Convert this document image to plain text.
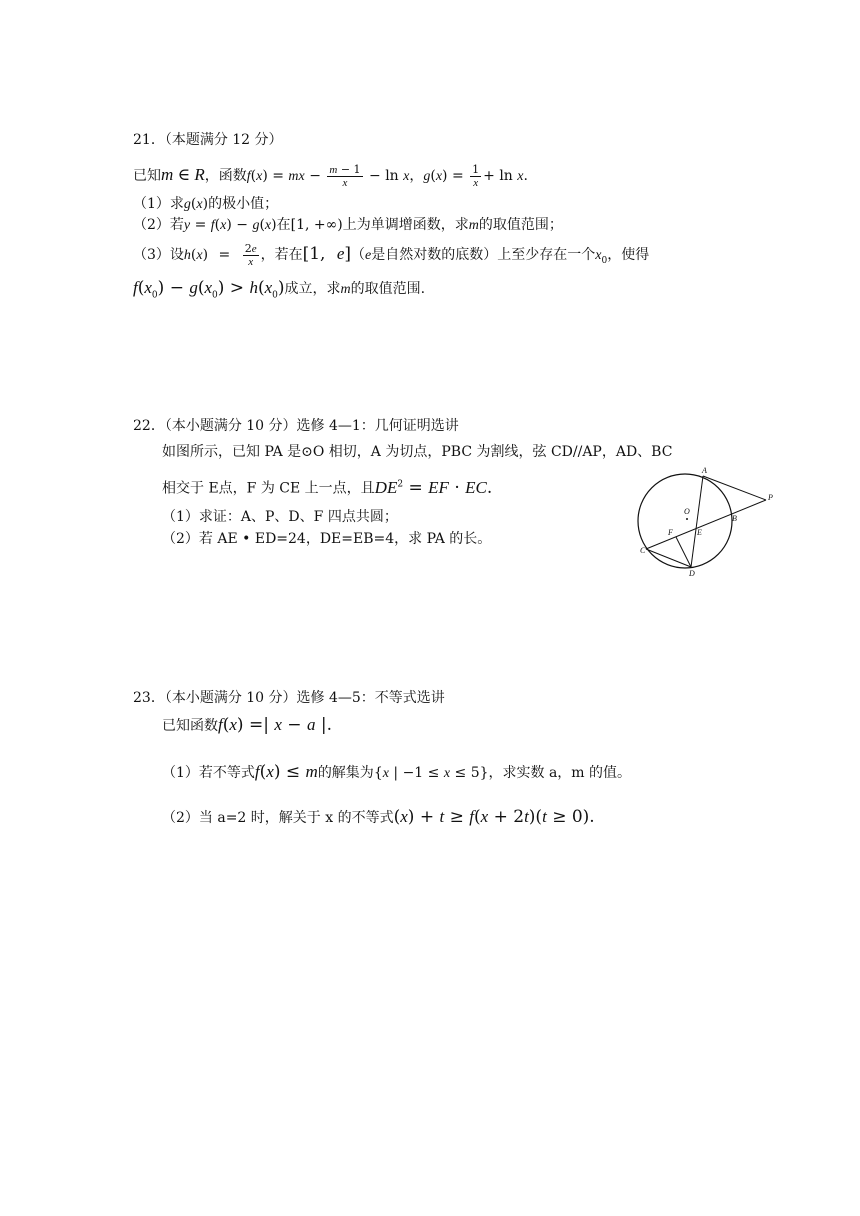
21．（本题满分 12 分）
已知m ∈ R，函数f(x) = mx − $\frac{m - 1}{x} - \ln x$，$g(x) = \frac{1}{x} + \ln x$.
（1）求g(x)的极小值；
（2）若y = f(x) − g(x)在[1, +∞)上为单调增函数，求m的取值范围；
（3）设$h(x) = \frac{2e}{x}$ ，若在[1, e]（e是自然对数的底数）上至少存在一个$x_0$，使得
$f(x_0) - g(x_0) > h(x_0)$成立，求m的取值范围.
22．（本小题满分 10 分）选修 4—1：几何证明选讲
如图所示，已知 PA 是⊙O 相切，A 为切点，PBC 为割线，弦 CD//AP，AD、BC
相交于 E点，F 为 CE 上一点，且$DE^2$ = EF · EC.
（1）求证：A、P、D、F 四点共圆；
（2）若 AE • ED=24，DE=EB=4，求 PA 的长。
A
P
O
B
F	E
C
D
23．（本小题满分 10 分）选修 4—5：不等式选讲
已知函数f(x) =| x − a |.
（1）若不等式f(x) ≤ m的解集为{x | −1 ≤ x ≤ 5}，求实数 a，m 的值。
（2）当 a=2 时，解关于 x 的不等式(x) + t ≥ f(x + 2t)(t ≥ 0).
